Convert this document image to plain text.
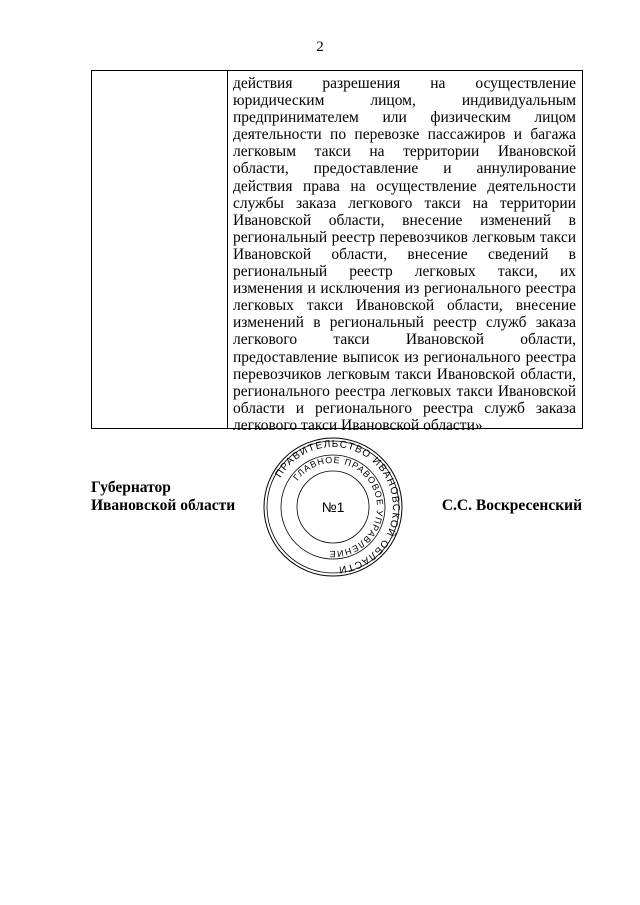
2

действия разрешения на осуществление юридическим лицом, индивидуальным предпринимателем или физическим лицом деятельности по перевозке пассажиров и багажа легковым такси на территории Ивановской области, предоставление и аннулирование действия права на осуществление деятельности службы заказа легкового такси на территории Ивановской области, внесение изменений в региональный реестр перевозчиков легковым такси Ивановской области, внесение сведений в региональный реестр легковых такси, их изменения и исключения из регионального реестра легковых такси Ивановской области, внесение изменений в региональный реестр служб заказа легкового такси Ивановской области, предоставление выписок из регионального реестра перевозчиков легковым такси Ивановской области, регионального реестра легковых такси Ивановской области и регионального реестра служб заказа легкового такси Ивановской области»

Губернатор
Ивановской области
ПРАВИТЕЛЬСТВО ИВАНОВСКОЙ ОБЛАСТИ
ГЛАВНОЕ ПРАВОВОЕ УПРАВЛЕНИЕ
№1	С.С. Воскресенский
